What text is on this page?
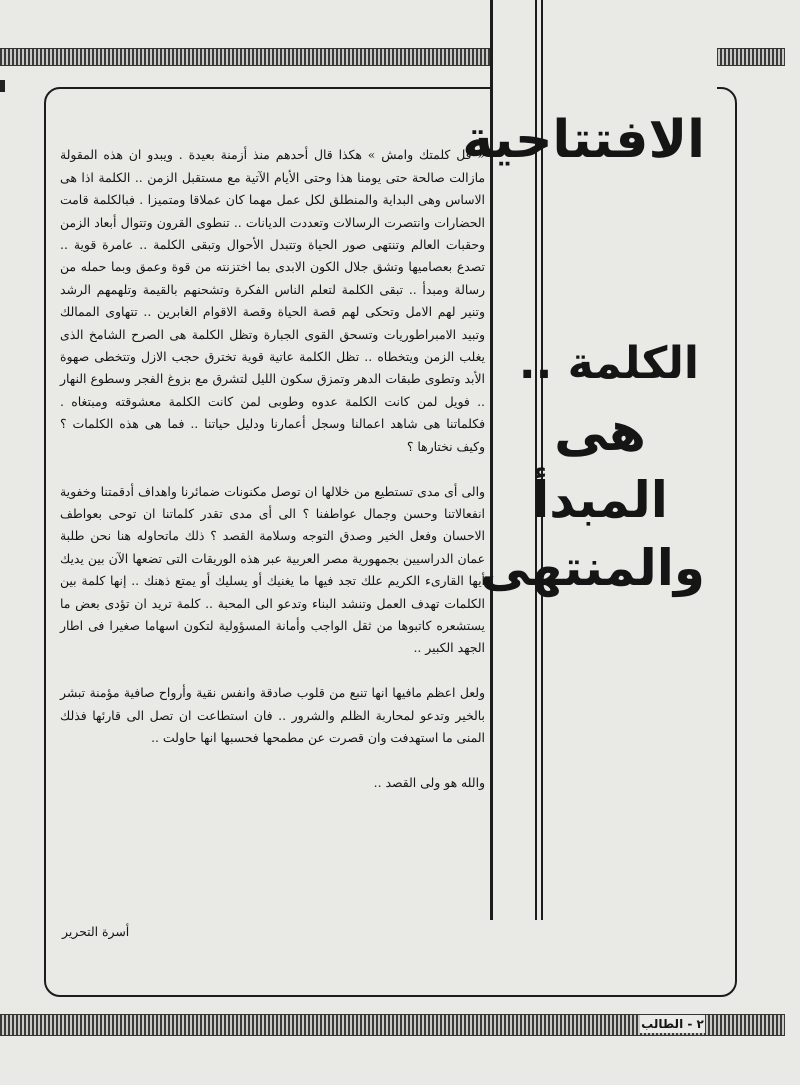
الافتتاحية
الكلمة ..
هى
المبدأ
والمنتهى

« قل كلمتك وامش » هكذا قال أحدهم منذ أزمنة بعيدة . ويبدو ان هذه المقولة مازالت صالحة حتى يومنا هذا وحتى الأيام الآتية مع مستقبل الزمن .. الكلمة اذا هى الاساس وهى البداية والمنطلق لكل عمل مهما كان عملاقا ومتميزا . فبالكلمة قامت الحضارات وانتصرت الرسالات وتعددت الديانات .. تنطوى القرون وتتوال أبعاد الزمن وحقبات العالم وتنتهى صور الحياة وتتبدل الأحوال وتبقى الكلمة .. عامرة قوية .. تصدع بعصاميها وتشق جلال الكون الابدى بما اختزنته من قوة وعمق وبما حمله من رسالة ومبدأ .. تبقى الكلمة لتعلم الناس الفكرة وتشحنهم بالقيمة وتلهمهم الرشد وتنير لهم الامل وتحكى لهم قصة الحياة وقصة الاقوام الغابرين .. تتهاوى الممالك وتبيد الامبراطوريات وتسحق القوى الجبارة وتظل الكلمة هى الصرح الشامخ الذى يغلب الزمن ويتخطاه .. تظل الكلمة عاتية قوية تخترق حجب الازل وتتخطى صهوة الأبد وتطوى طبقات الدهر وتمزق سكون الليل لتشرق مع بزوغ الفجر وسطوع النهار .. فويل لمن كانت الكلمة عدوه وطوبى لمن كانت الكلمة معشوقته ومبتغاه . فكلماتنا هى شاهد اعمالنا وسجل أعمارنا ودليل حياتنا .. فما هى هذه الكلمات ؟ وكيف نختارها ؟

والى أى مدى تستطيع من خلالها ان توصل مكنونات ضمائرنا واهداف أدقمتنا وخفوية انفعالاتنا وحسن وجمال عواطفنا ؟ الى أى مدى تقدر كلماتنا ان توحى بعواطف الاحسان وفعل الخير وصدق التوجه وسلامة القصد ؟ ذلك ماتحاوله هنا نحن طلبة عمان الدراسيين بجمهورية مصر العربية عبر هذه الوريقات التى تضعها الآن بين يديك أيها القارىء الكريم علك تجد فيها ما يغنيك أو يسليك أو يمتع ذهنك .. إنها كلمة بين الكلمات تهدف العمل وتنشد البناء وتدعو الى المحبة .. كلمة تريد ان تؤدى بعض ما يستشعره كاتبوها من ثقل الواجب وأمانة المسؤولية لتكون اسهاما صغيرا فى اطار الجهد الكبير ..

ولعل اعظم مافيها انها تنبع من قلوب صادقة وانفس نقية وأرواح صافية مؤمنة تبشر بالخير وتدعو لمحاربة الظلم والشرور .. فان استطاعت ان تصل الى قارئها فذلك المنى ما استهدفت وان قصرت عن مطمحها فحسبها انها حاولت ..

والله هو ولى القصد ..

أسرة التحرير
٢ - الطالب
